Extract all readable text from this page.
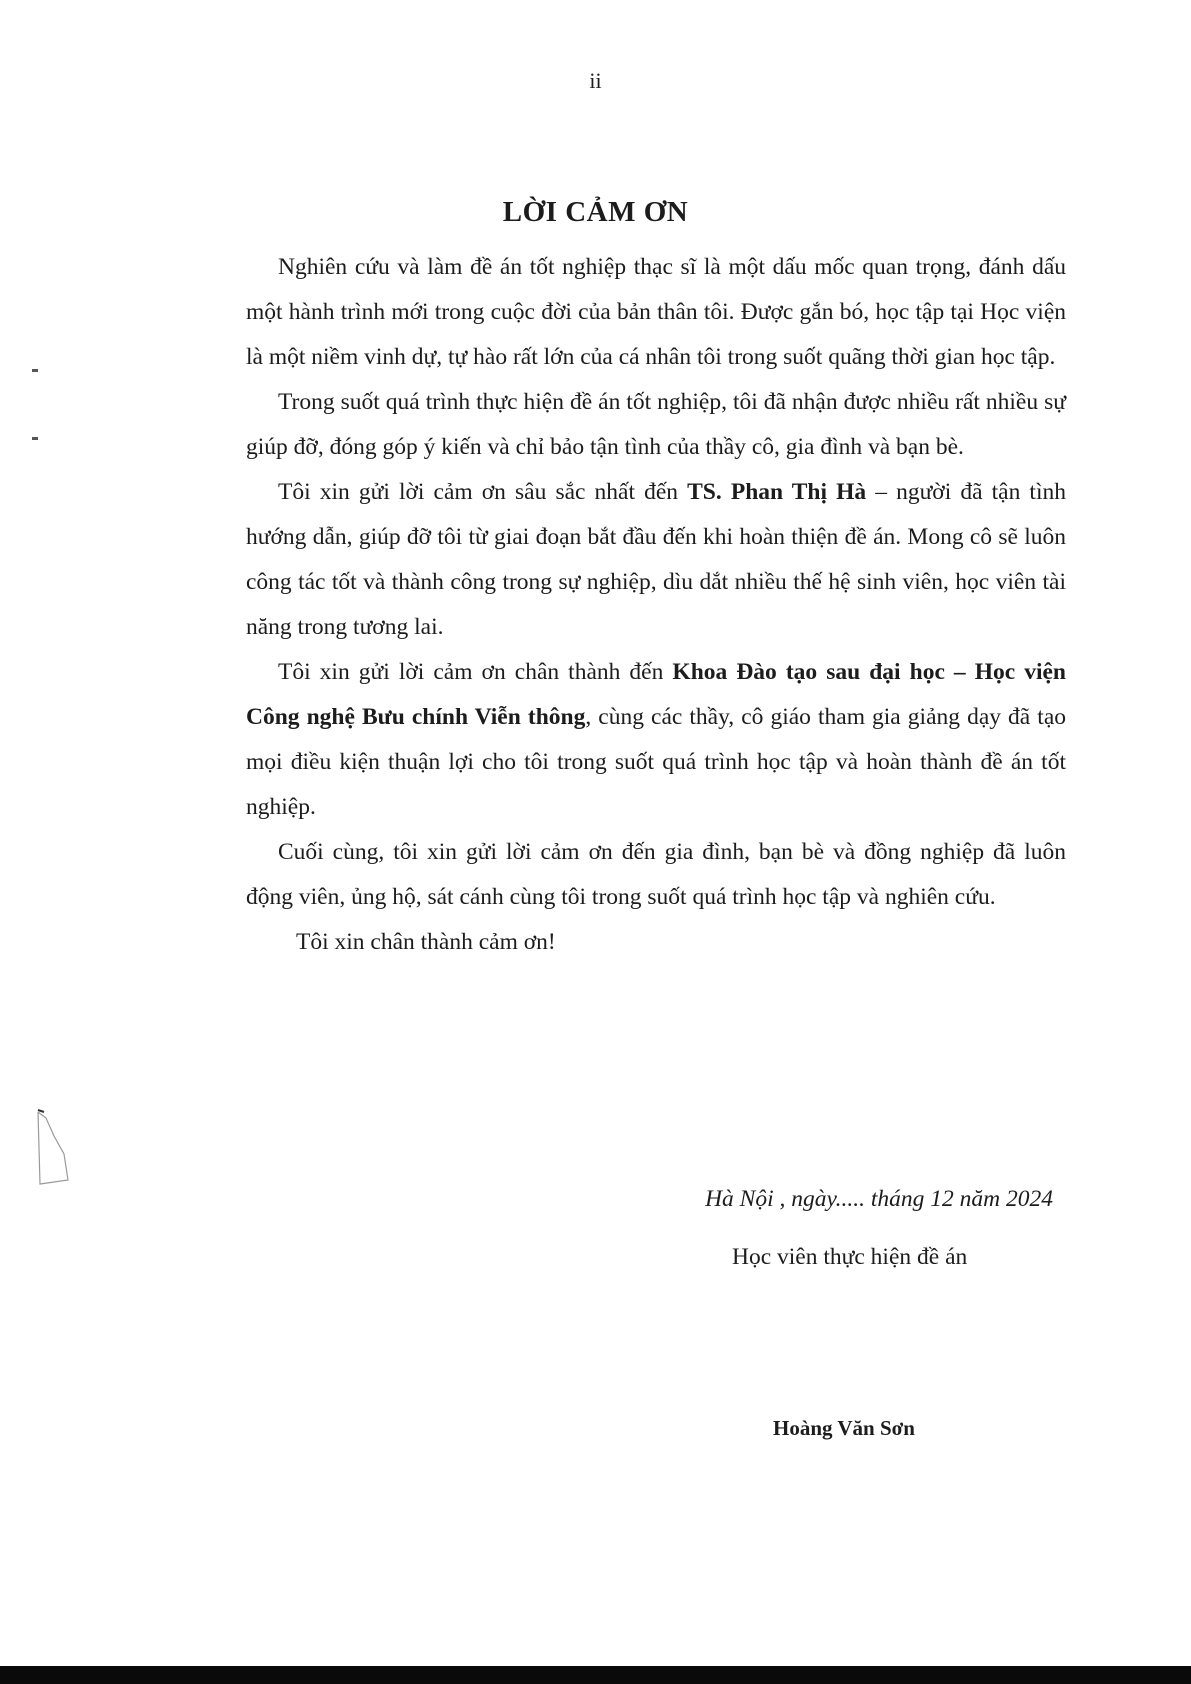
ii
LỜI CẢM ƠN

Nghiên cứu và làm đề án tốt nghiệp thạc sĩ là một dấu mốc quan trọng, đánh dấu một hành trình mới trong cuộc đời của bản thân tôi. Được gắn bó, học tập tại Học viện là một niềm vinh dự, tự hào rất lớn của cá nhân tôi trong suốt quãng thời gian học tập.

Trong suốt quá trình thực hiện đề án tốt nghiệp, tôi đã nhận được nhiều rất nhiều sự giúp đỡ, đóng góp ý kiến và chỉ bảo tận tình của thầy cô, gia đình và bạn bè.

Tôi xin gửi lời cảm ơn sâu sắc nhất đến TS. Phan Thị Hà – người đã tận tình hướng dẫn, giúp đỡ tôi từ giai đoạn bắt đầu đến khi hoàn thiện đề án. Mong cô sẽ luôn công tác tốt và thành công trong sự nghiệp, dìu dắt nhiều thế hệ sinh viên, học viên tài năng trong tương lai.

Tôi xin gửi lời cảm ơn chân thành đến Khoa Đào tạo sau đại học – Học viện Công nghệ Bưu chính Viễn thông, cùng các thầy, cô giáo tham gia giảng dạy đã tạo mọi điều kiện thuận lợi cho tôi trong suốt quá trình học tập và hoàn thành đề án tốt nghiệp.

Cuối cùng, tôi xin gửi lời cảm ơn đến gia đình, bạn bè và đồng nghiệp đã luôn động viên, ủng hộ, sát cánh cùng tôi trong suốt quá trình học tập và nghiên cứu.

Tôi xin chân thành cảm ơn!

Hà Nội , ngày..... tháng 12 năm 2024
Học viên thực hiện đề án
Hoàng Văn Sơn
